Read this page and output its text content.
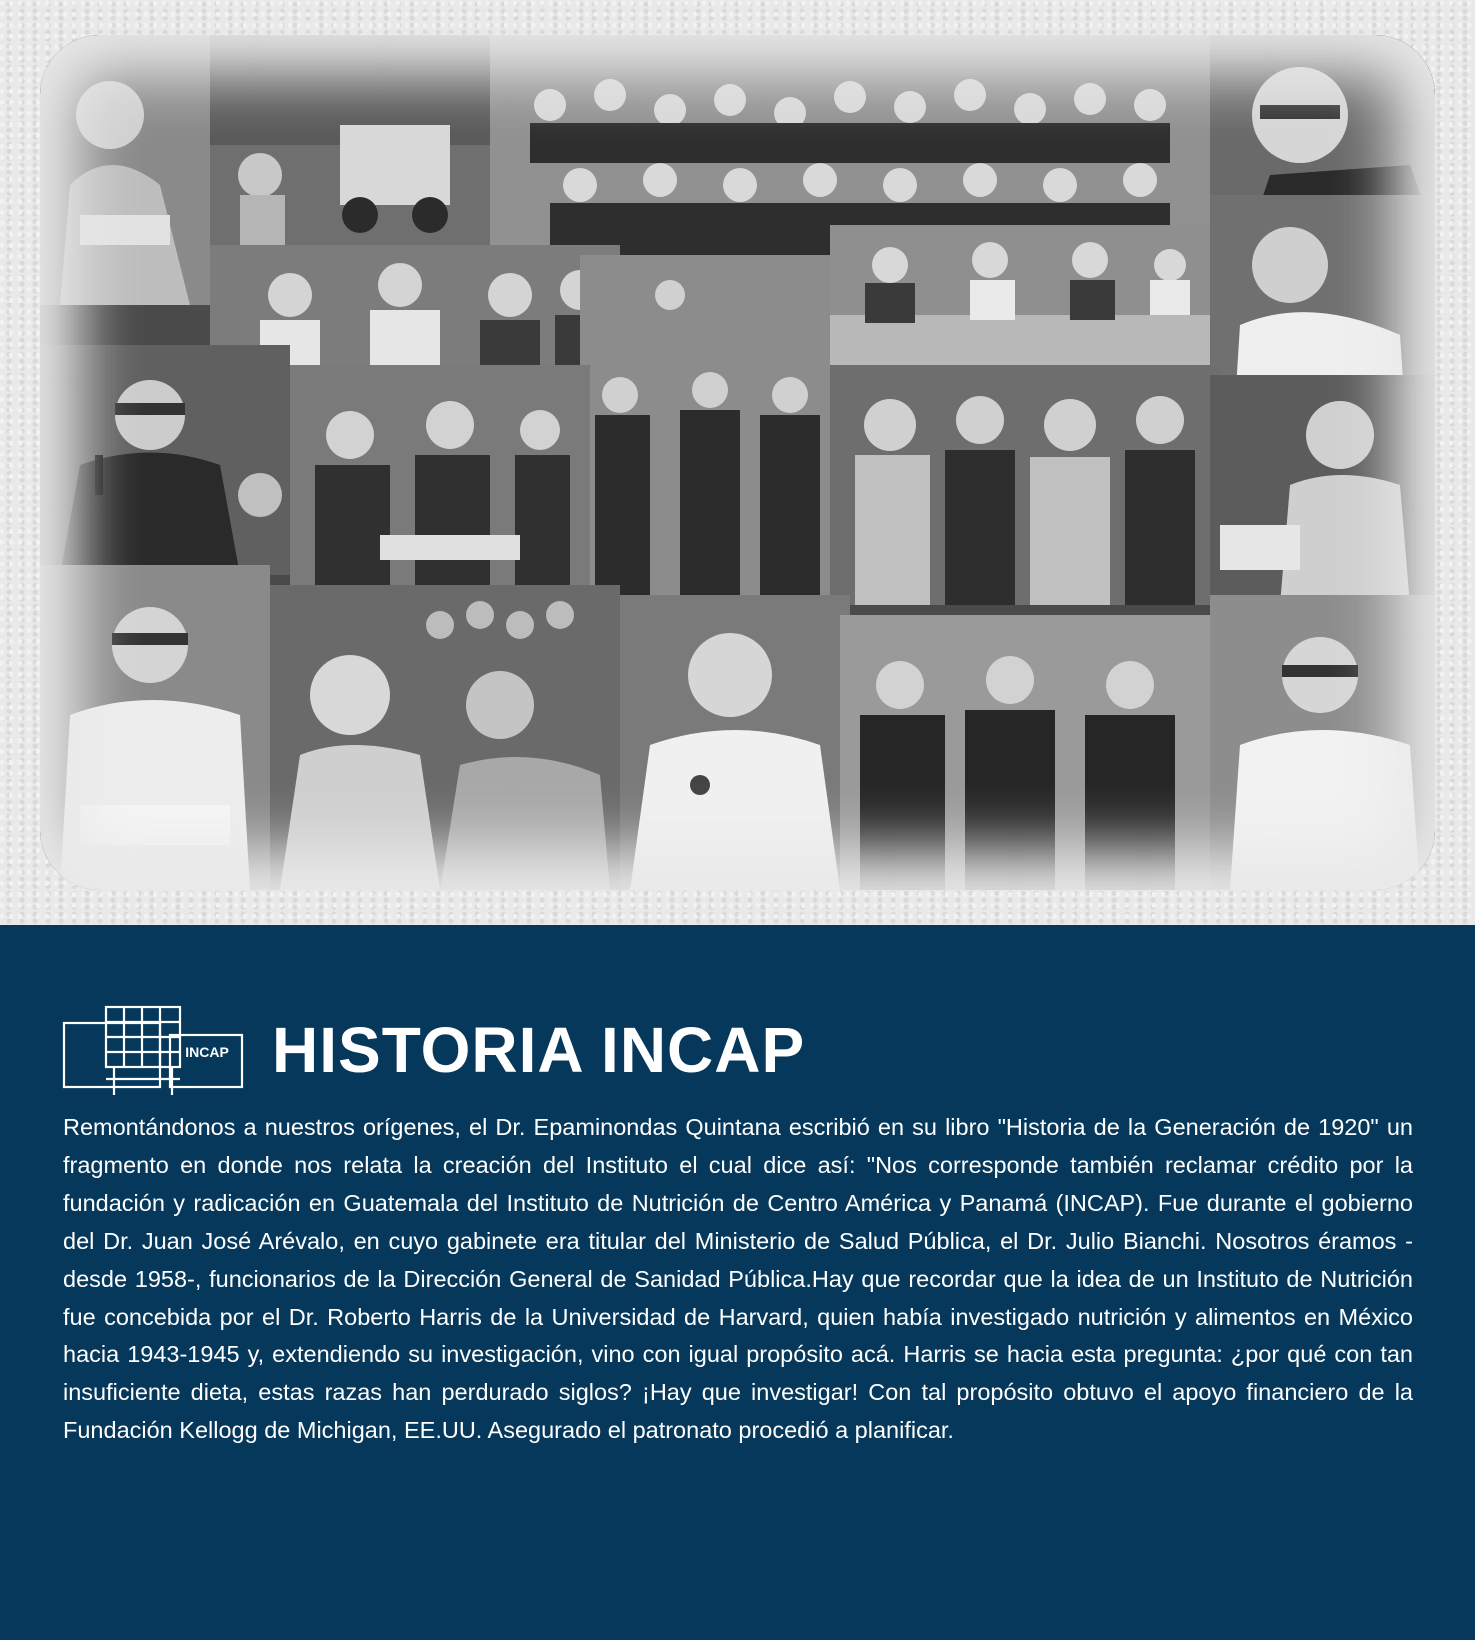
INCAP HISTORIA INCAP

Remontándonos a nuestros orígenes, el Dr. Epaminondas Quintana escribió en su libro "Historia de la Generación de 1920" un fragmento en donde nos relata la creación del Instituto el cual dice así: "Nos corresponde también reclamar crédito por la fundación y radicación en Guatemala del Instituto de Nutrición de Centro América y Panamá (INCAP). Fue durante el gobierno del Dr. Juan José Arévalo, en cuyo gabinete era titular del Ministerio de Salud Pública, el Dr. Julio Bianchi. Nosotros éramos -desde 1958-, funcionarios de la Dirección General de Sanidad Pública.Hay que recordar que la idea de un Instituto de Nutrición fue concebida por el Dr. Roberto Harris de la Universidad de Harvard, quien había investigado nutrición y alimentos en México hacia 1943-1945 y, extendiendo su investigación, vino con igual propósito acá. Harris se hacia esta pregunta: ¿por qué con tan insuficiente dieta, estas razas han perdurado siglos? ¡Hay que investigar! Con tal propósito obtuvo el apoyo financiero de la Fundación Kellogg de Michigan, EE.UU. Asegurado el patronato procedió a planificar.
